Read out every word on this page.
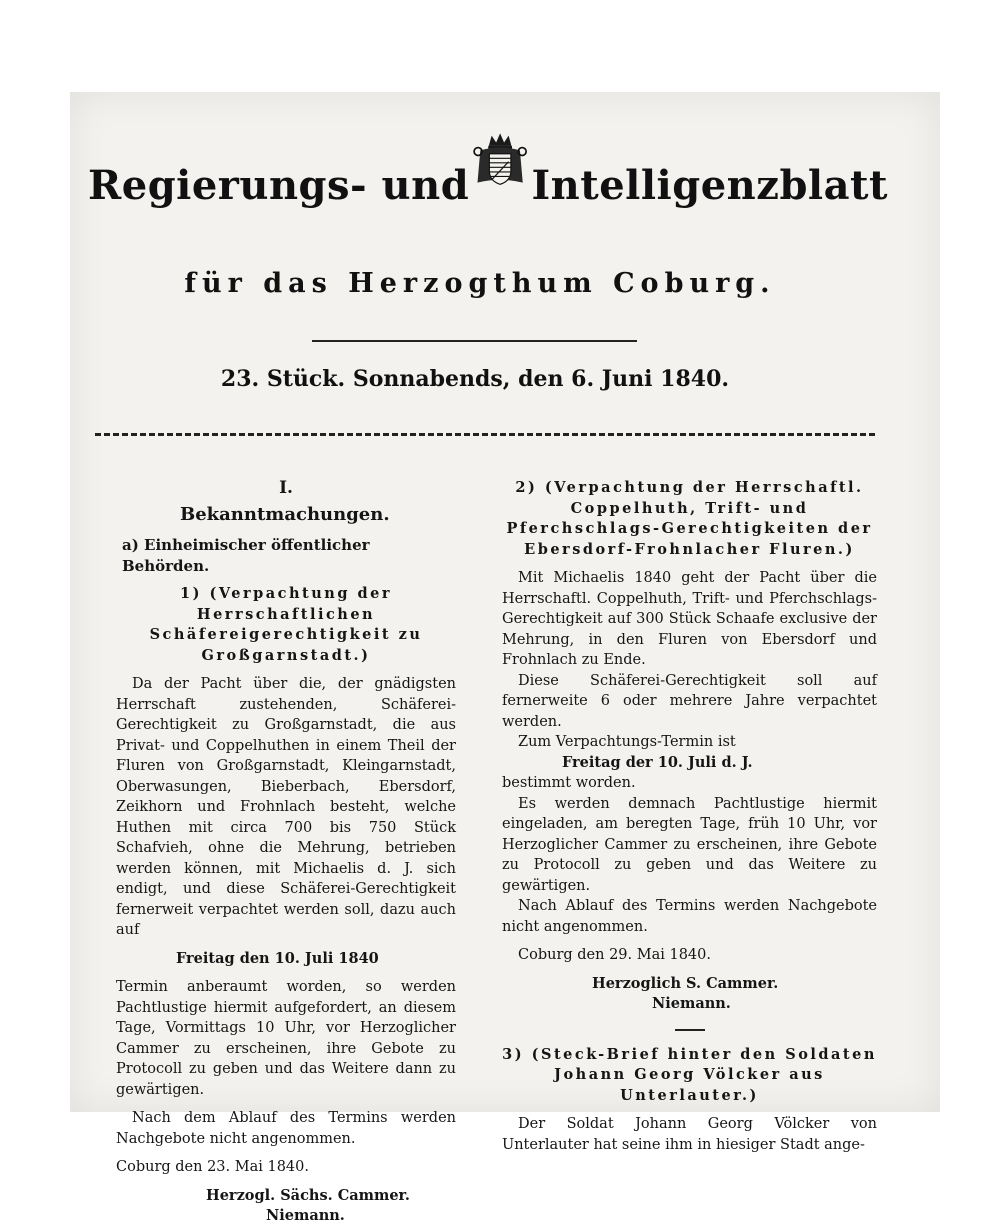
Regierungs- und Intelligenzblatt
für das Herzogthum Coburg.
23. Stück. Sonnabends, den 6. Juni 1840.
I.
Bekanntmachungen.
a) Einheimischer öffentlicher Behörden.

1) (Verpachtung der Herrschaftlichen Schäfereigerechtigkeit zu Großgarnstadt.)

Da der Pacht über die, der gnädigsten Herrschaft zustehenden, Schäferei-Gerechtigkeit zu Großgarnstadt, die aus Privat- und Coppelhuthen in einem Theil der Fluren von Großgarnstadt, Kleingarnstadt, Oberwasungen, Bieberbach, Ebersdorf, Zeikhorn und Frohnlach besteht, welche Huthen mit circa 700 bis 750 Stück Schafvieh, ohne die Mehrung, betrieben werden können, mit Michaelis d. J. sich endigt, und diese Schäferei-Gerechtigkeit fernerweit verpachtet werden soll, dazu auch auf

Freitag den 10. Juli 1840

Termin anberaumt worden, so werden Pachtlustige hiermit aufgefordert, an diesem Tage, Vormittags 10 Uhr, vor Herzoglicher Cammer zu erscheinen, ihre Gebote zu Protocoll zu geben und das Weitere dann zu gewärtigen.

Nach dem Ablauf des Termins werden Nachgebote nicht angenommen.

Coburg den 23. Mai 1840.

Herzogl. Sächs. Cammer.

Niemann.

2) (Verpachtung der Herrschaftl. Coppelhuth, Trift- und Pferchschlags-Gerechtigkeiten der Ebersdorf-Frohnlacher Fluren.)

Mit Michaelis 1840 geht der Pacht über die Herrschaftl. Coppelhuth, Trift- und Pferchschlags-Gerechtigkeit auf 300 Stück Schaafe exclusive der Mehrung, in den Fluren von Ebersdorf und Frohnlach zu Ende.

Diese Schäferei-Gerechtigkeit soll auf fernerweite 6 oder mehrere Jahre verpachtet werden.

Zum Verpachtungs-Termin ist

Freitag der 10. Juli d. J.

bestimmt worden.

Es werden demnach Pachtlustige hiermit eingeladen, am beregten Tage, früh 10 Uhr, vor Herzoglicher Cammer zu erscheinen, ihre Gebote zu Protocoll zu geben und das Weitere zu gewärtigen.

Nach Ablauf des Termins werden Nachgebote nicht angenommen.

Coburg den 29. Mai 1840.

Herzoglich S. Cammer.

Niemann.

3) (Steck-Brief hinter den Soldaten Johann Georg Völcker aus Unterlauter.)

Der Soldat Johann Georg Völcker von Unterlauter hat seine ihm in hiesiger Stadt ange-
